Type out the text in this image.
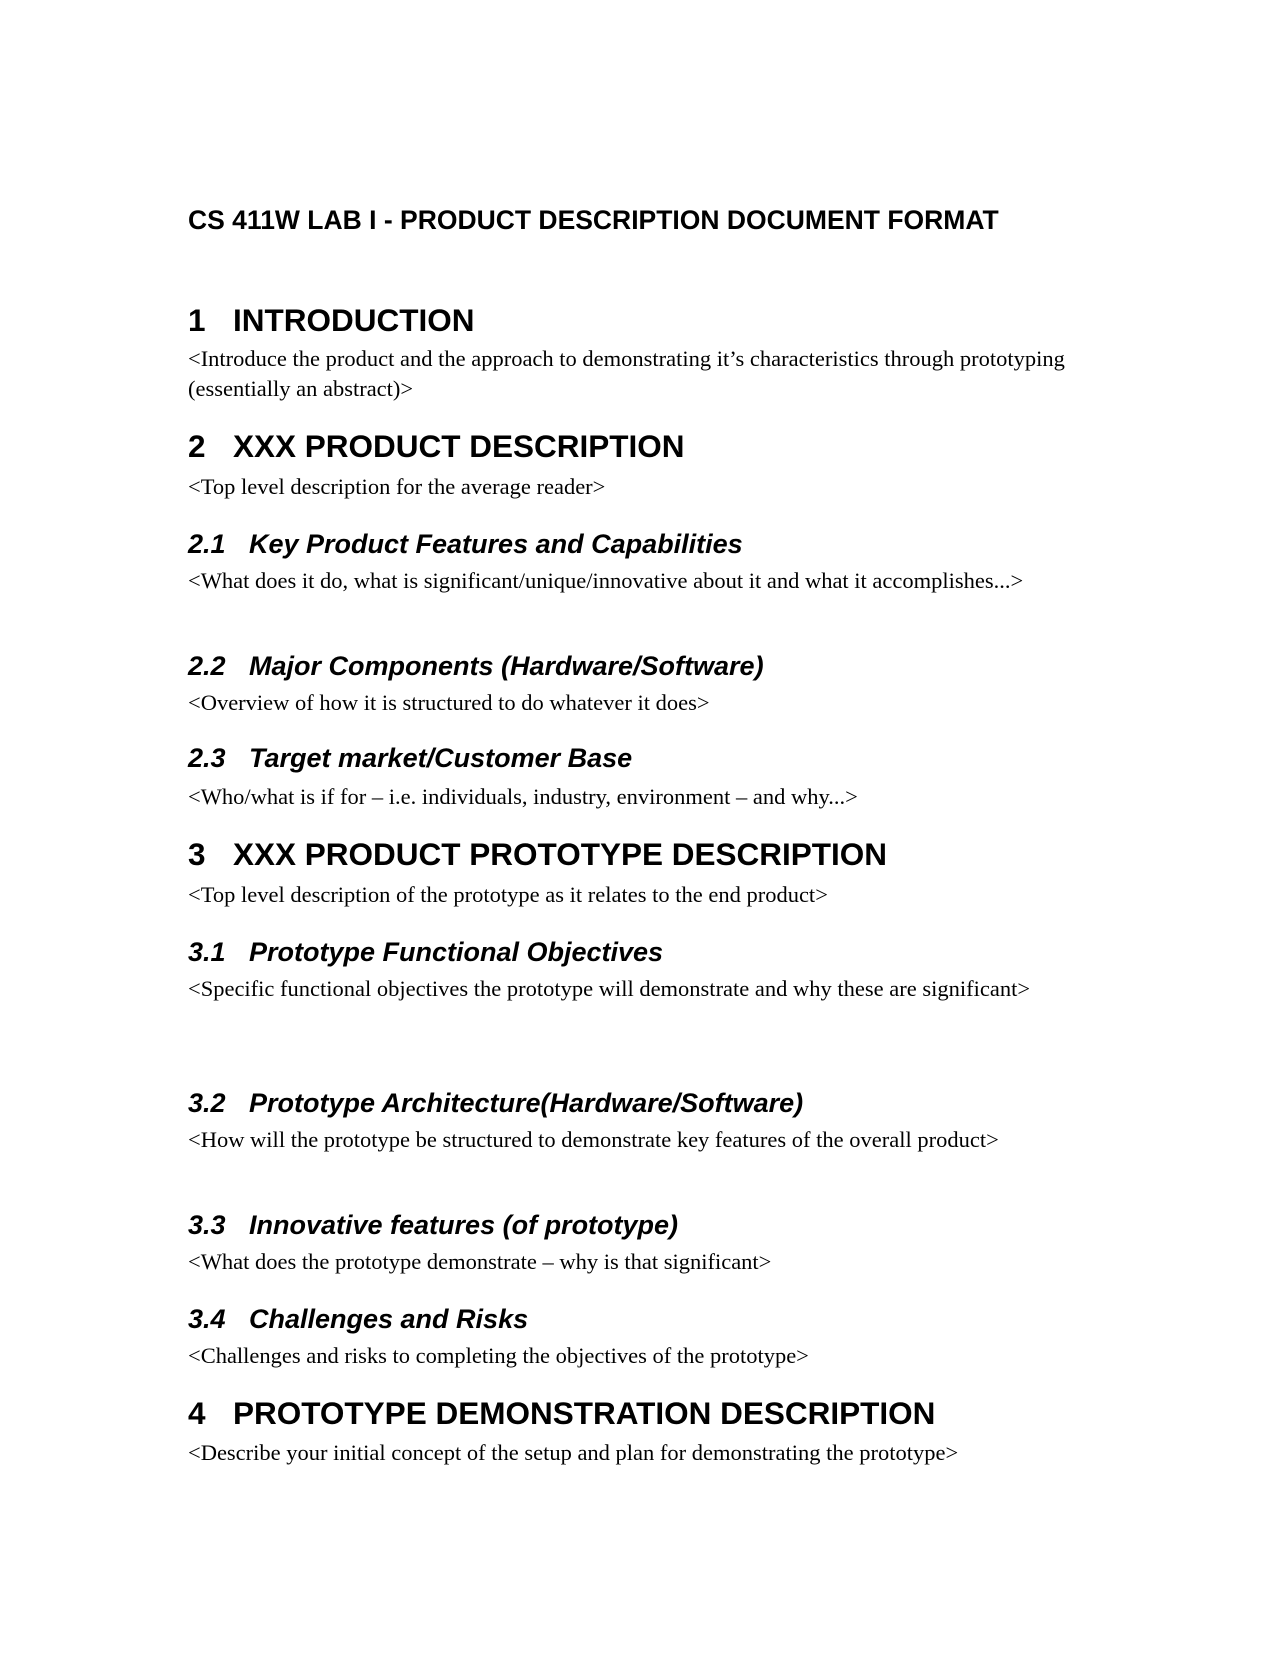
CS 411W LAB I - PRODUCT DESCRIPTION DOCUMENT FORMAT
1 INTRODUCTION

<Introduce the product and the approach to demonstrating it’s characteristics through prototyping (essentially an abstract)>

2 XXX PRODUCT DESCRIPTION

<Top level description for the average reader>

2.1 Key Product Features and Capabilities

<What does it do, what is significant/unique/innovative about it and what it accomplishes...>

2.2 Major Components (Hardware/Software)

<Overview of how it is structured to do whatever it does>

2.3 Target market/Customer Base

<Who/what is if for – i.e. individuals, industry, environment – and why...>

3 XXX PRODUCT PROTOTYPE DESCRIPTION

<Top level description of the prototype as it relates to the end product>

3.1 Prototype Functional Objectives

<Specific functional objectives the prototype will demonstrate and why these are significant>

3.2 Prototype Architecture(Hardware/Software)

<How will the prototype be structured to demonstrate key features of the overall product>

3.3 Innovative features (of prototype)

<What does the prototype demonstrate – why is that significant>

3.4 Challenges and Risks

<Challenges and risks to completing the objectives of the prototype>

4 PROTOTYPE DEMONSTRATION DESCRIPTION

<Describe your initial concept of the setup and plan for demonstrating the prototype>
